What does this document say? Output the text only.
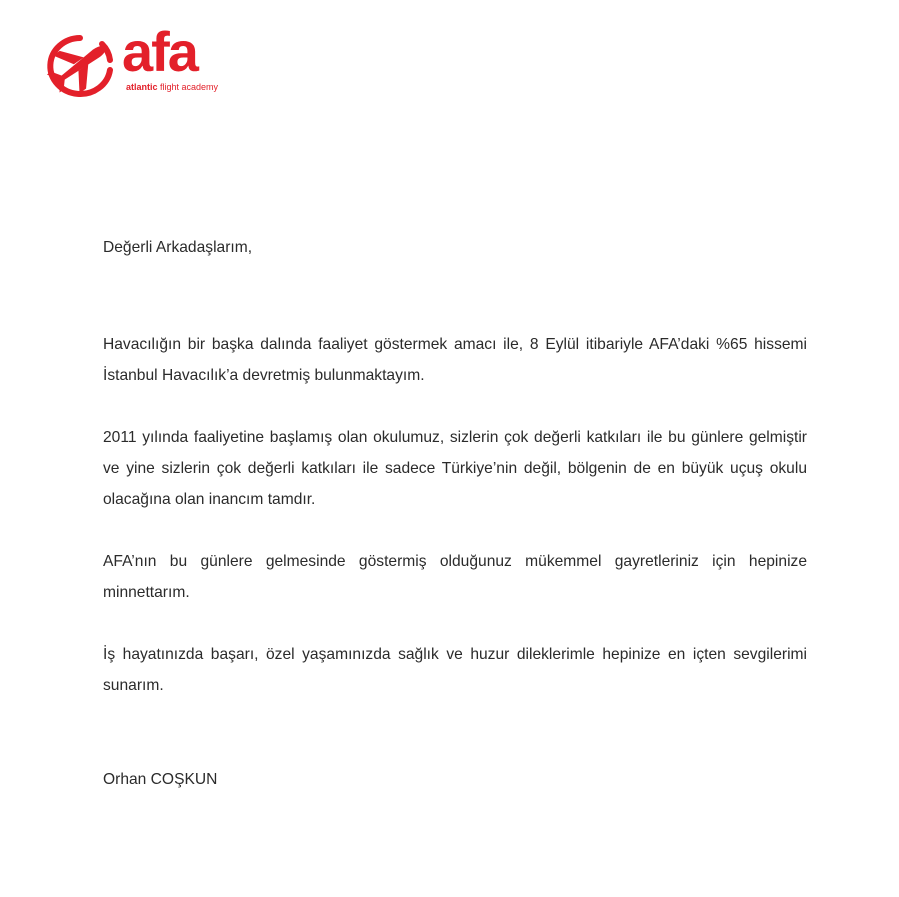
afa
atlantic flight academy

Değerli Arkadaşlarım,

Havacılığın bir başka dalında faaliyet göstermek amacı ile, 8 Eylül itibariyle AFA’daki %65 hissemi İstanbul Havacılık’a devretmiş bulunmaktayım.

2011 yılında faaliyetine başlamış olan okulumuz, sizlerin çok değerli katkıları ile bu günlere gelmiştir ve yine sizlerin çok değerli katkıları ile sadece Türkiye’nin değil, bölgenin de en büyük uçuş okulu olacağına olan inancım tamdır.

AFA’nın bu günlere gelmesinde göstermiş olduğunuz mükemmel gayretleriniz için hepinize minnettarım.

İş hayatınızda başarı, özel yaşamınızda sağlık ve huzur dileklerimle hepinize en içten sevgilerimi sunarım.

Orhan COŞKUN
